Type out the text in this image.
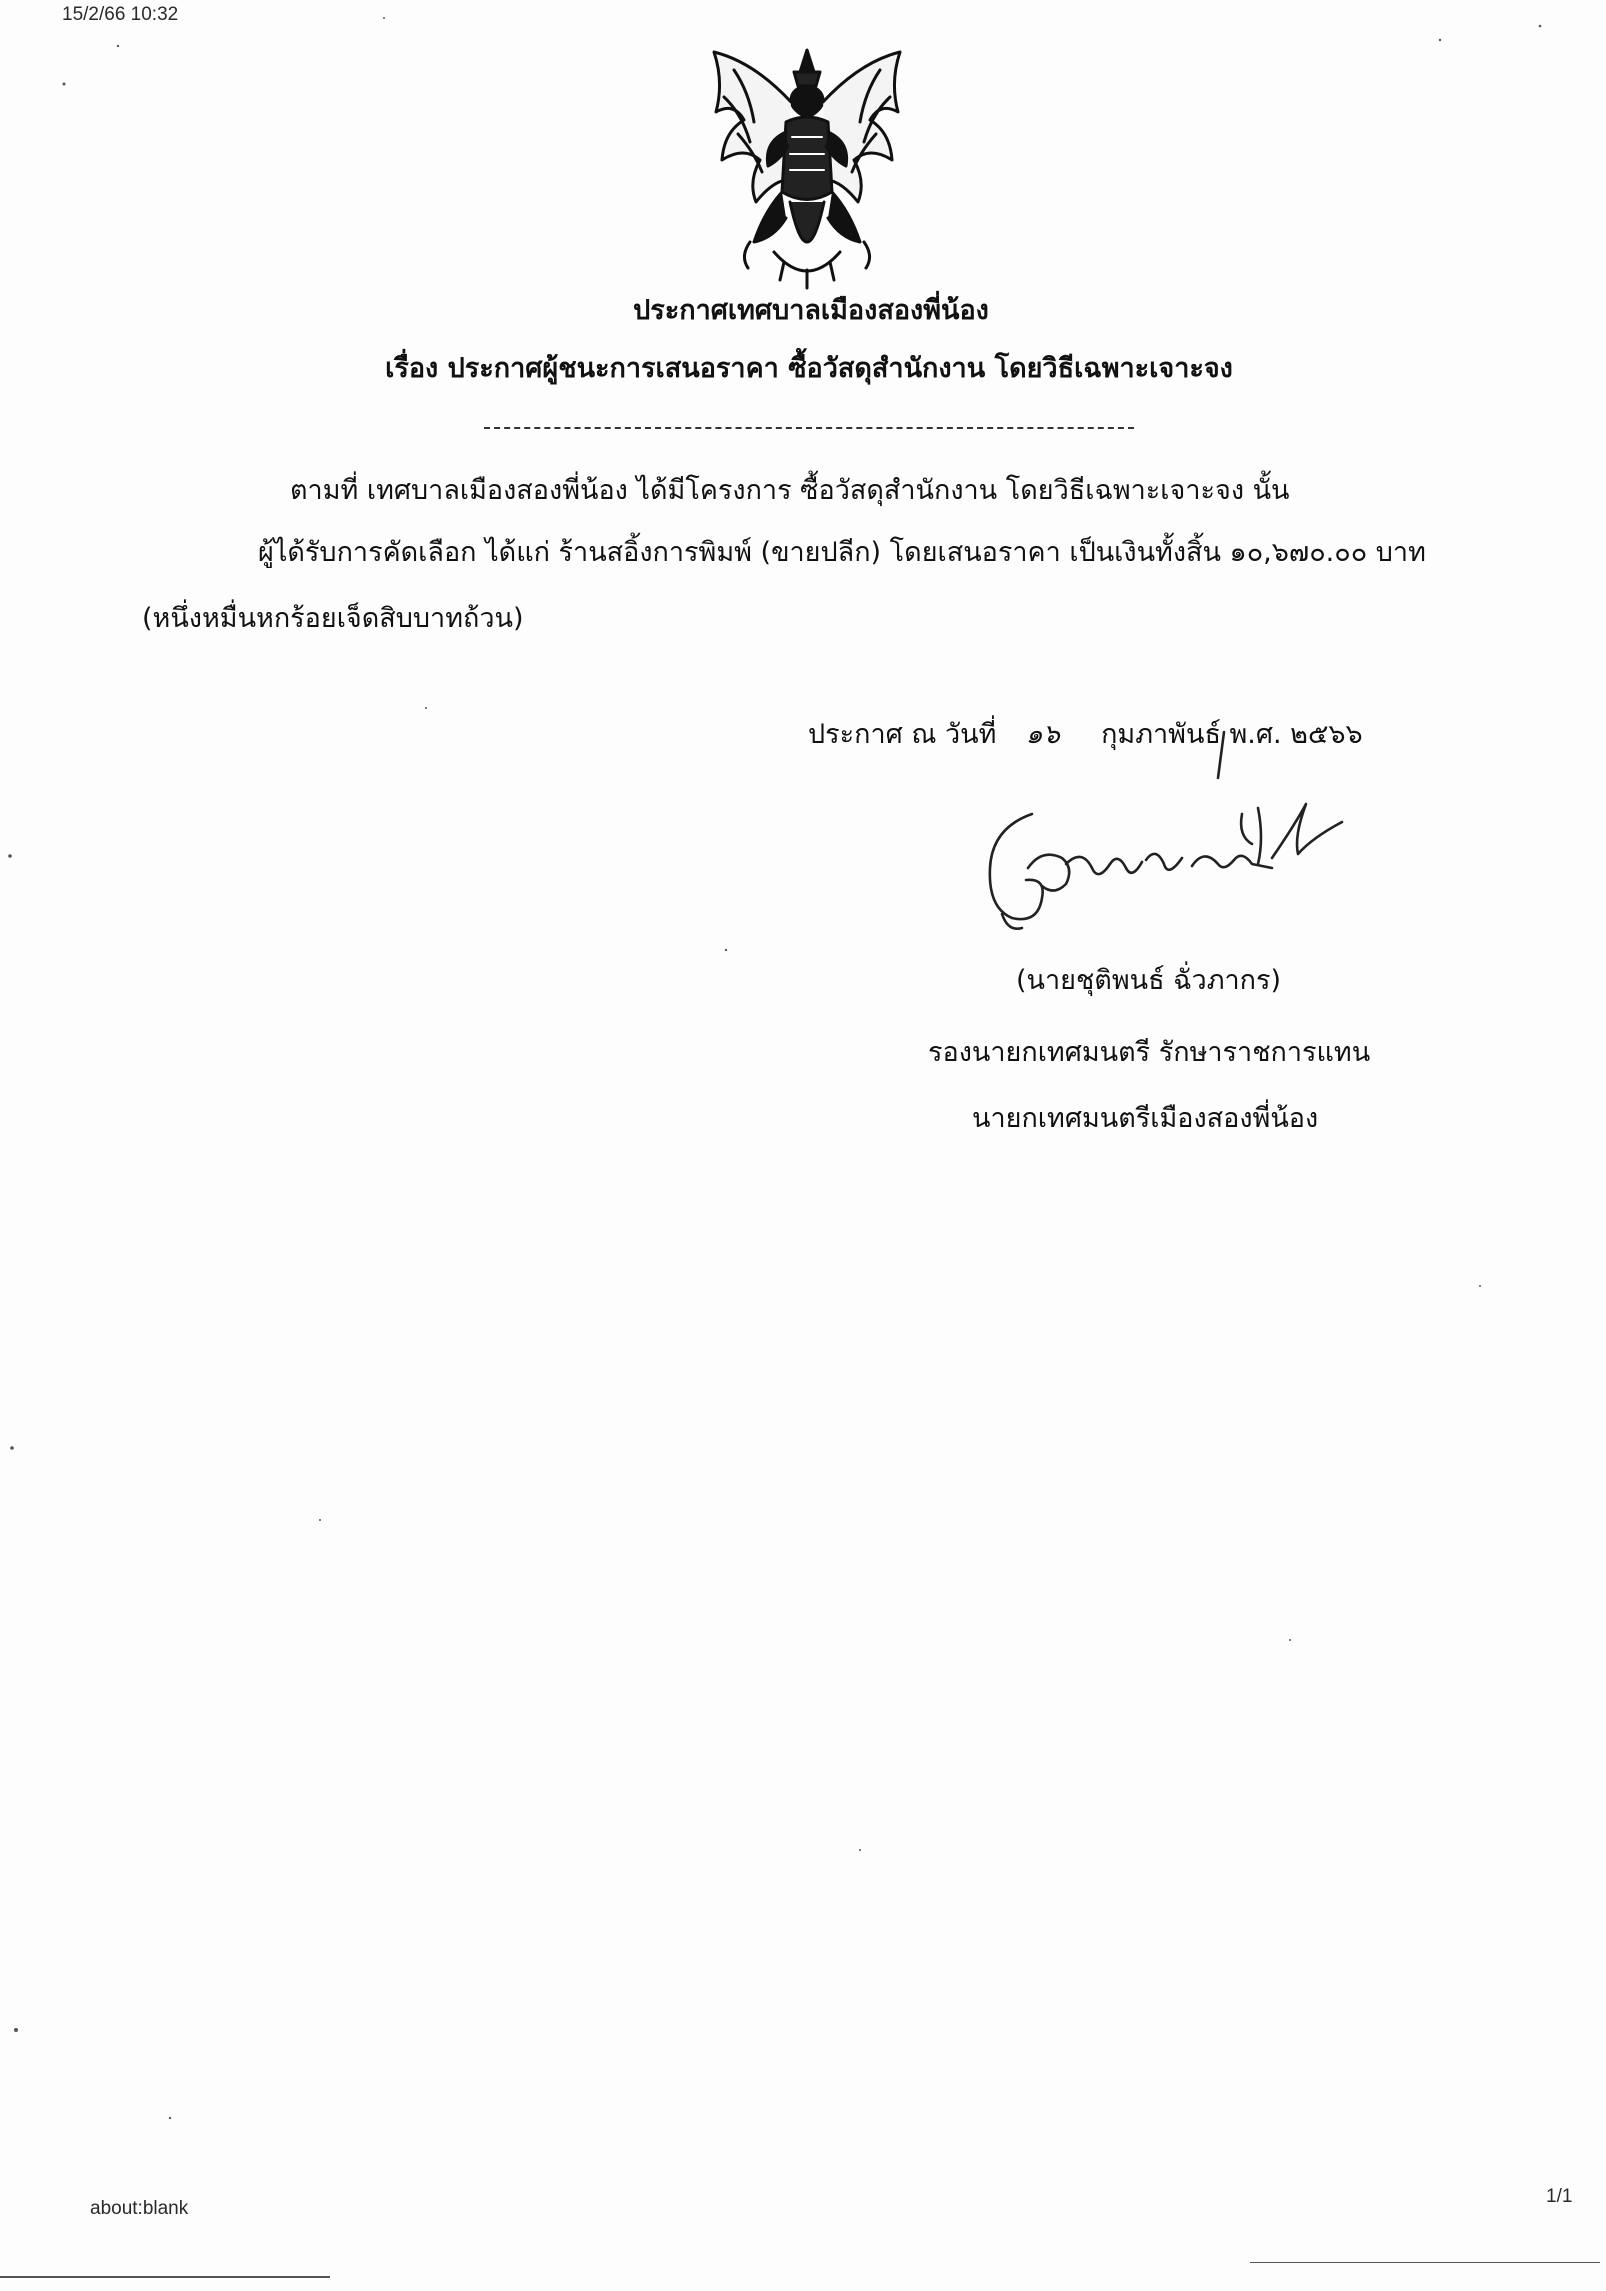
15/2/66 10:32
ประกาศเทศบาลเมืองสองพี่น้อง
เรื่อง ประกาศผู้ชนะการเสนอราคา ซื้อวัสดุสำนักงาน โดยวิธีเฉพาะเจาะจง
ตามที่ เทศบาลเมืองสองพี่น้อง ได้มีโครงการ ซื้อวัสดุสำนักงาน โดยวิธีเฉพาะเจาะจง นั้น
ผู้ได้รับการคัดเลือก ได้แก่ ร้านสอิ้งการพิมพ์ (ขายปลีก) โดยเสนอราคา เป็นเงินทั้งสิ้น ๑๐,๖๗๐.๐๐ บาท
(หนึ่งหมื่นหกร้อยเจ็ดสิบบาทถ้วน)
ประกาศ ณ วันที่ ๑๖ กุมภาพันธ์ พ.ศ. ๒๕๖๖
(นายชุติพนธ์ ฉั่วภากร)
รองนายกเทศมนตรี รักษาราชการแทน
นายกเทศมนตรีเมืองสองพี่น้อง
about:blank
1/1
